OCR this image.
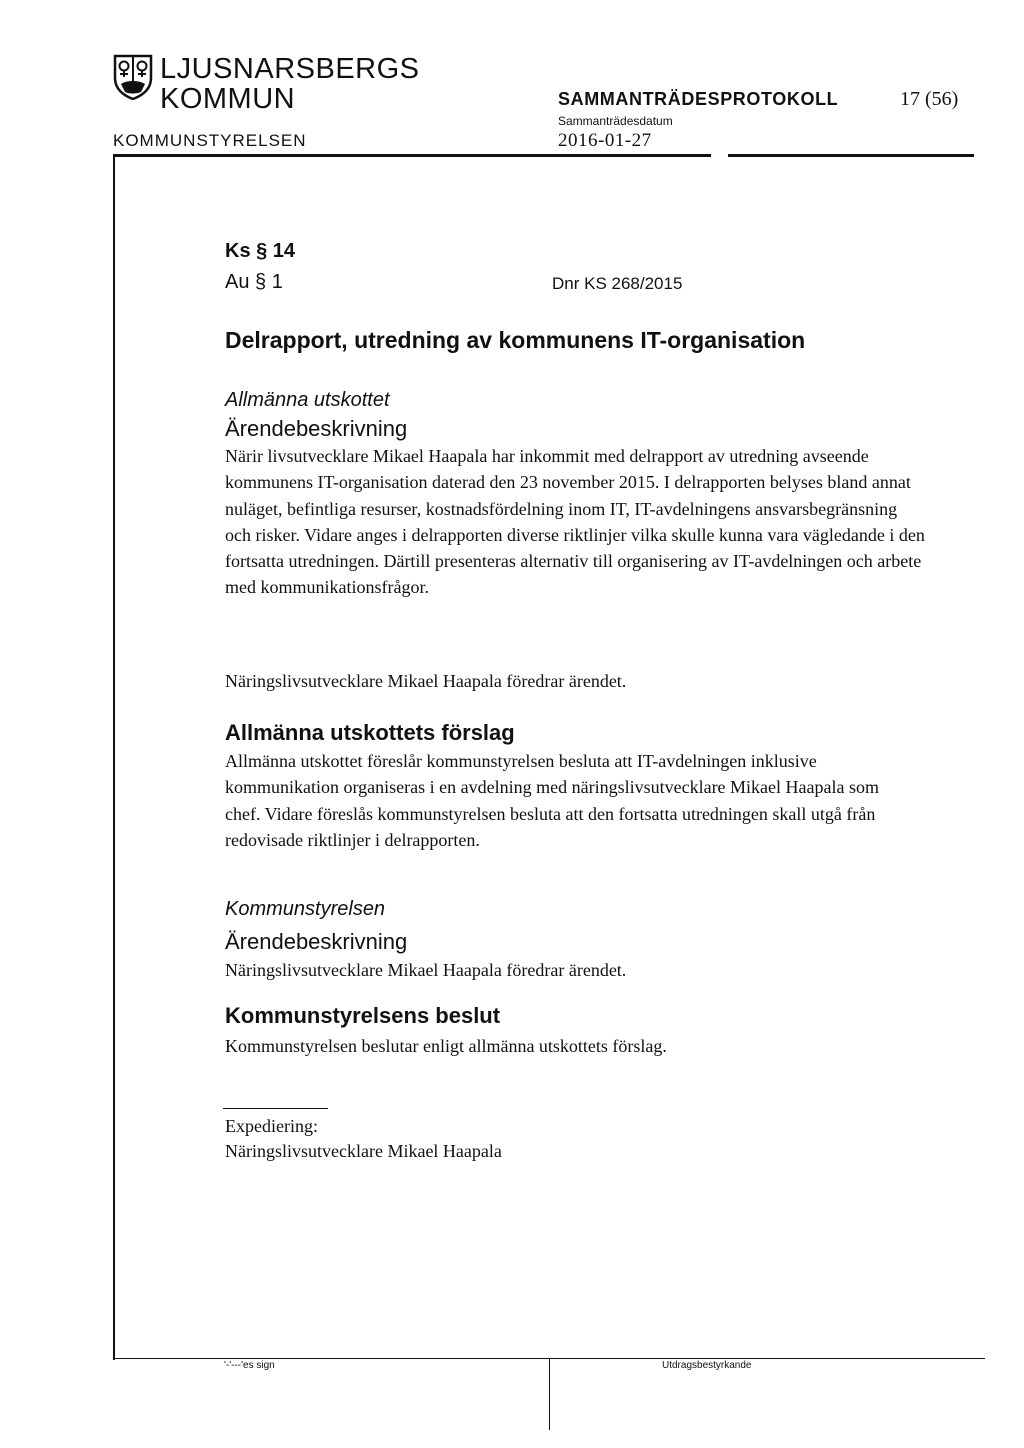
LJUSNARSBERGS
KOMMUN
KOMMUNSTYRELSEN
SAMMANTRÄDESPROTOKOLL
Sammanträdesdatum
2016-01-27
17 (56)
Ks § 14
Au § 1	Dnr KS 268/2015
Delrapport, utredning av kommunens IT-organisation
Allmänna utskottet
Ärendebeskrivning
Närir livsutvecklare Mikael Haapala har inkommit med delrapport av utredning avseende kommunens IT-organisation daterad den 23 november 2015. I delrapporten belyses bland annat nuläget, befintliga resurser, kostnadsfördelning inom IT, IT-avdelningens ansvarsbegränsning och risker. Vidare anges i delrapporten diverse riktlinjer vilka skulle kunna vara vägledande i den fortsatta utredningen. Därtill presenteras alternativ till organisering av IT-avdelningen och arbete med kommunikationsfrågor.
Näringslivsutvecklare Mikael Haapala föredrar ärendet.
Allmänna utskottets förslag
Allmänna utskottet föreslår kommunstyrelsen besluta att IT-avdelningen inklusive kommunikation organiseras i en avdelning med näringslivsutvecklare Mikael Haapala som chef. Vidare föreslås kommunstyrelsen besluta att den fortsatta utredningen skall utgå från redovisade riktlinjer i delrapporten.
Kommunstyrelsen
Ärendebeskrivning
Näringslivsutvecklare Mikael Haapala föredrar ärendet.
Kommunstyrelsens beslut
Kommunstyrelsen beslutar enligt allmänna utskottets förslag.
Expediering:
Näringslivsutvecklare Mikael Haapala
'-'---'es sign	Utdragsbestyrkande
